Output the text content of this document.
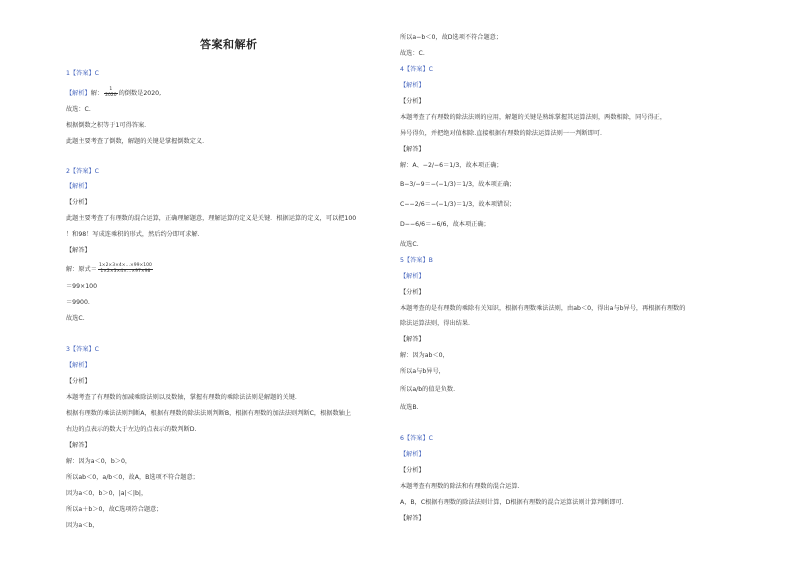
答案和解析
1【答案】C
【解析】解： $\frac{1}{2020}$ 的倒数是2020,
故选：C.
根据倒数之积等于1可得答案.
此题主要考查了倒数，解题的关键是掌握倒数定义.
2【答案】C
【解析】
【分析】
此题主要考查了有理数的混合运算，正确理解题意，理解运算的定义是关键．根据运算的定义，可以把100
！和98！写成连乘积的形式，然后约分即可求解.
【解答】
解：原式＝ $\frac{1\times 2\times 3\times 4\times\dots\times 99\times 100}{1\times 2\times 3\times 4\times\dots\times 97\times 98}$
＝99×100
＝9900.
故选C.
3【答案】C
【解析】
【分析】
本题考查了有理数的加减乘除法则以及数轴，掌握有理数的乘除法法则是解题的关键.
根据有理数的乘法法则判断A，根据有理数的除法法则判断B，根据有理数的加法法则判断C，根据数轴上
右边的点表示的数大于左边的点表示的数判断D.
【解答】
解：因为a＜0，b＞0，
所以ab＜0，a/b＜0，故A，B选项不符合题意；
因为a＜0，b＞0，|a|＜|b|，
所以a＋b＞0，故C选项符合题意；
因为a＜b，
所以a−b＜0，故D选项不符合题意；
故选：C.
4【答案】C
【解析】
【分析】
本题考查了有理数的除法法则的应用，解题的关键是熟练掌握其运算法则，两数相除，同号得正，
异号得负，并把绝对值相除.直接根据有理数的除法运算法则一一判断即可.
【解答】
解：A、−2/−6＝1/3，故本项正确；
B−3/−9＝−(−1/3)＝1/3，故本项正确；
C−−2/6＝−(−1/3)＝1/3，故本项错误；
D−−6/6＝−6/6，故本项正确；
故选C.
5【答案】B
【解析】
【分析】
本题考查的是有理数的乘除有关知识，根据有理数乘法法则，由ab＜0，得出a与b异号，再根据有理数的
除法运算法则，得出结果.
【解答】
解：因为ab＜0，
所以a与b异号，
所以a/b的值是负数.
故选B.
6【答案】C
【解析】
【分析】
本题考查有理数的除法和有理数的混合运算.
A，B，C根据有理数的除法法则计算，D根据有理数的混合运算法则计算判断即可.
【解答】
